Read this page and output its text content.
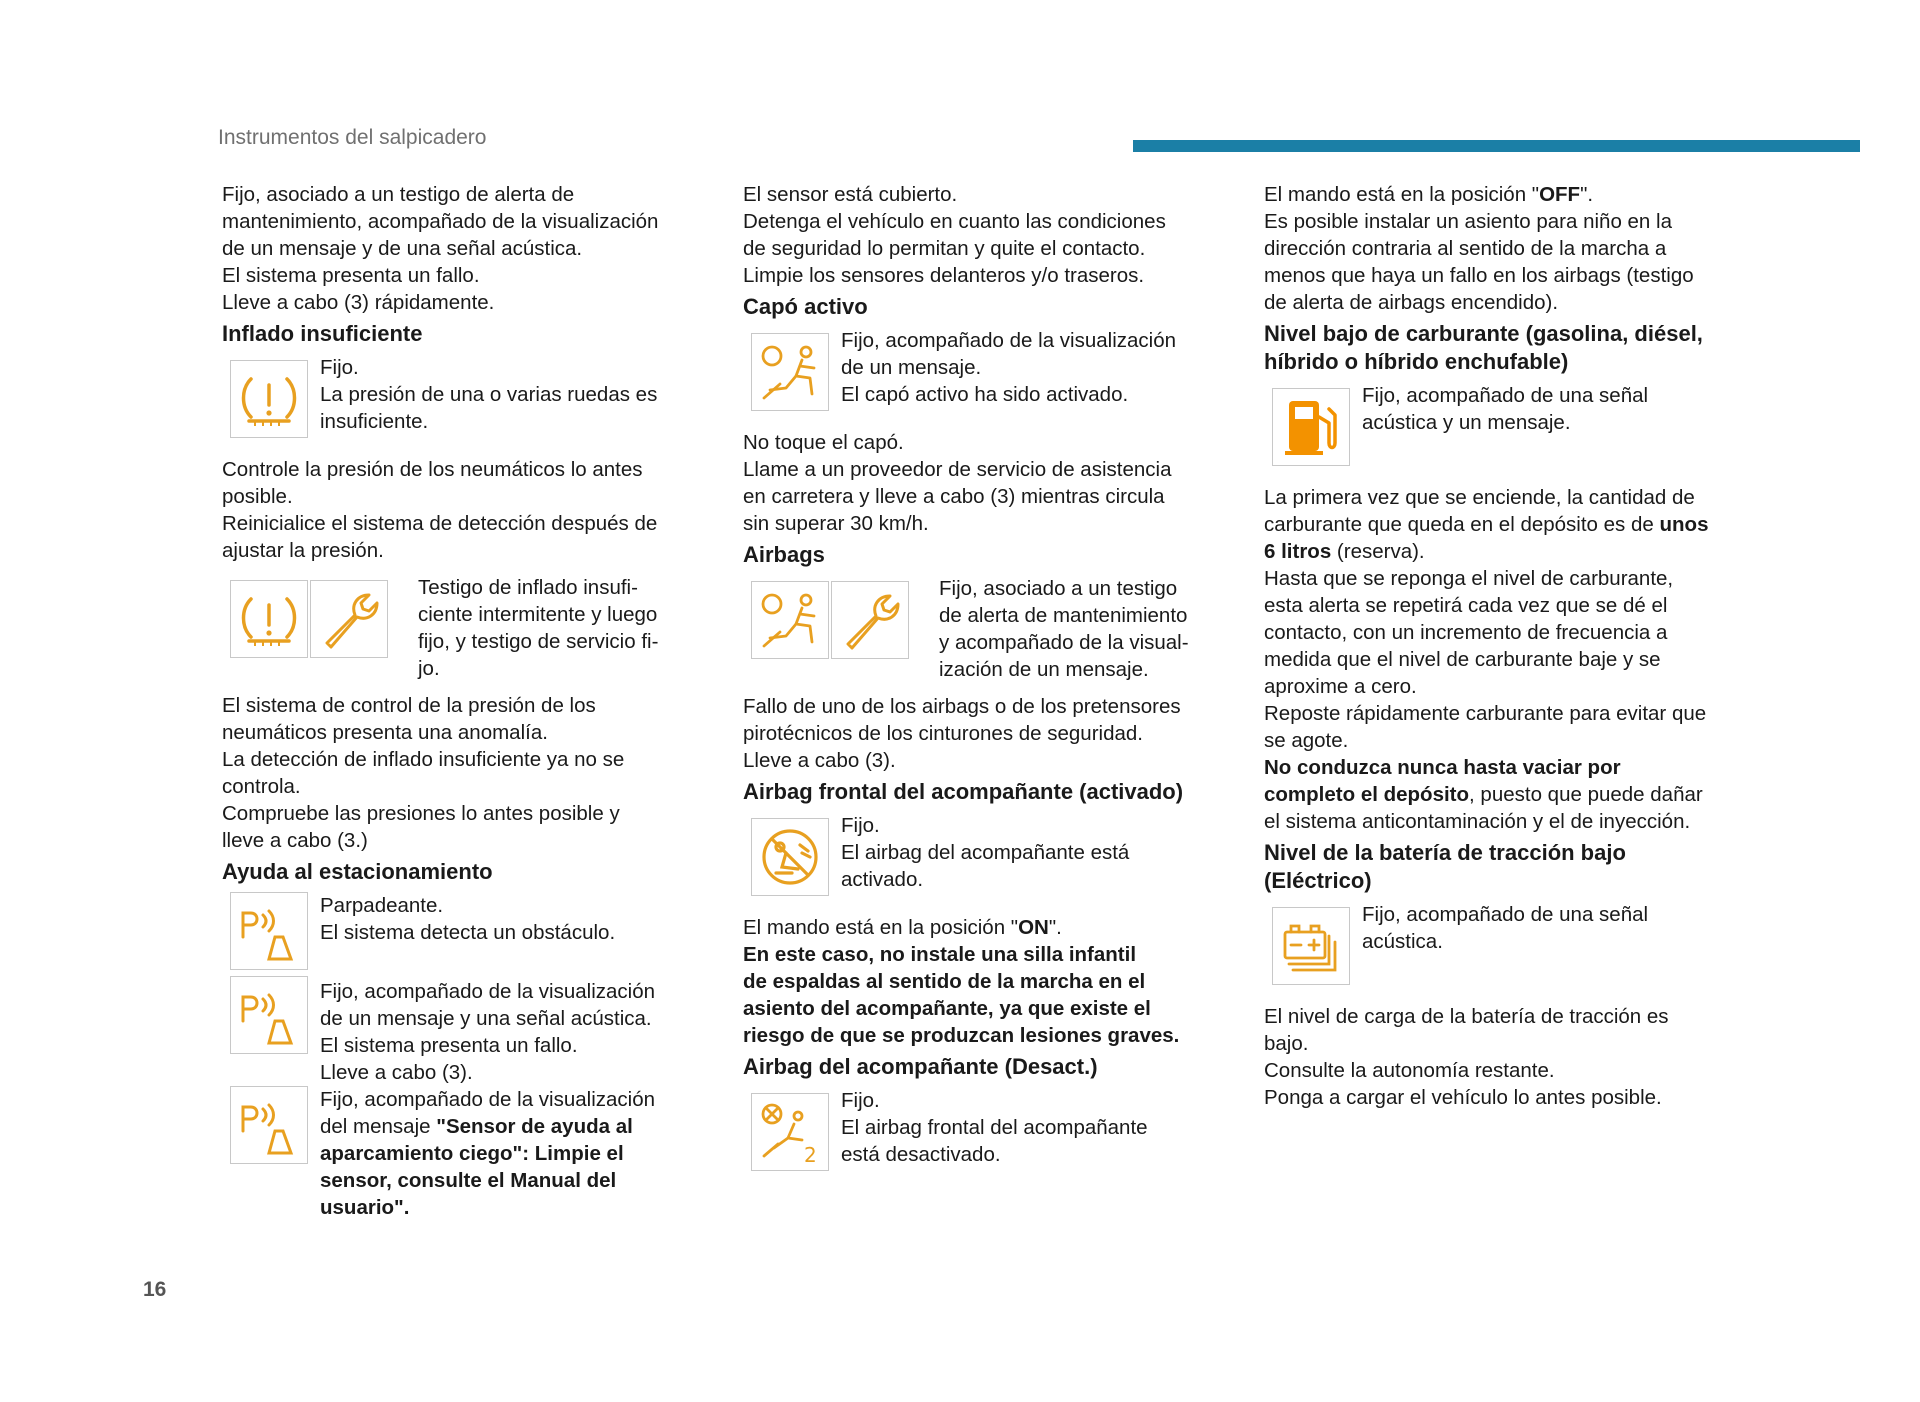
Instrumentos del salpicadero
16

Fijo, asociado a un testigo de alerta de

mantenimiento, acompañado de la visualización

de un mensaje y de una señal acústica.

El sistema presenta un fallo.

Lleve a cabo (3) rápidamente.

Inflado insuficiente

Fijo.

La presión de una o varias ruedas es

insuficiente.

Controle la presión de los neumáticos lo antes

posible.

Reinicialice el sistema de detección después de

ajustar la presión.

Testigo de inflado insufi-

ciente intermitente y luego

fijo, y testigo de servicio fi-

jo.

El sistema de control de la presión de los

neumáticos presenta una anomalía.

La detección de inflado insuficiente ya no se

controla.

Compruebe las presiones lo antes posible y

lleve a cabo (3.)

Ayuda al estacionamiento

Parpadeante.

El sistema detecta un obstáculo.

Fijo, acompañado de la visualización

de un mensaje y una señal acústica.

El sistema presenta un fallo.

Lleve a cabo (3).

Fijo, acompañado de la visualización

del mensaje "Sensor de ayuda al

aparcamiento ciego": Limpie el

sensor, consulte el Manual del

usuario".

El sensor está cubierto.

Detenga el vehículo en cuanto las condiciones

de seguridad lo permitan y quite el contacto.

Limpie los sensores delanteros y/o traseros.

Capó activo

Fijo, acompañado de la visualización

de un mensaje.

El capó activo ha sido activado.

No toque el capó.

Llame a un proveedor de servicio de asistencia

en carretera y lleve a cabo (3) mientras circula

sin superar 30 km/h.

Airbags

Fijo, asociado a un testigo

de alerta de mantenimiento

y acompañado de la visual-

ización de un mensaje.

Fallo de uno de los airbags o de los pretensores

pirotécnicos de los cinturones de seguridad.

Lleve a cabo (3).

Airbag frontal del acompañante (activado)

Fijo.

El airbag del acompañante está

activado.

El mando está en la posición "ON".

En este caso, no instale una silla infantil

de espaldas al sentido de la marcha en el

asiento del acompañante, ya que existe el

riesgo de que se produzcan lesiones graves.

Airbag del acompañante (Desact.)
2

Fijo.

El airbag frontal del acompañante

está desactivado.

El mando está en la posición "OFF".

Es posible instalar un asiento para niño en la

dirección contraria al sentido de la marcha a

menos que haya un fallo en los airbags (testigo

de alerta de airbags encendido).

Nivel bajo de carburante (gasolina, diésel,
híbrido o híbrido enchufable)

Fijo, acompañado de una señal

acústica y un mensaje.

La primera vez que se enciende, la cantidad de

carburante que queda en el depósito es de unos

6 litros (reserva).

Hasta que se reponga el nivel de carburante,

esta alerta se repetirá cada vez que se dé el

contacto, con un incremento de frecuencia a

medida que el nivel de carburante baje y se

aproxime a cero.

Reposte rápidamente carburante para evitar que

se agote.

No conduzca nunca hasta vaciar por

completo el depósito, puesto que puede dañar

el sistema anticontaminación y el de inyección.

Nivel de la batería de tracción bajo
(Eléctrico)

Fijo, acompañado de una señal

acústica.

El nivel de carga de la batería de tracción es

bajo.

Consulte la autonomía restante.

Ponga a cargar el vehículo lo antes posible.
